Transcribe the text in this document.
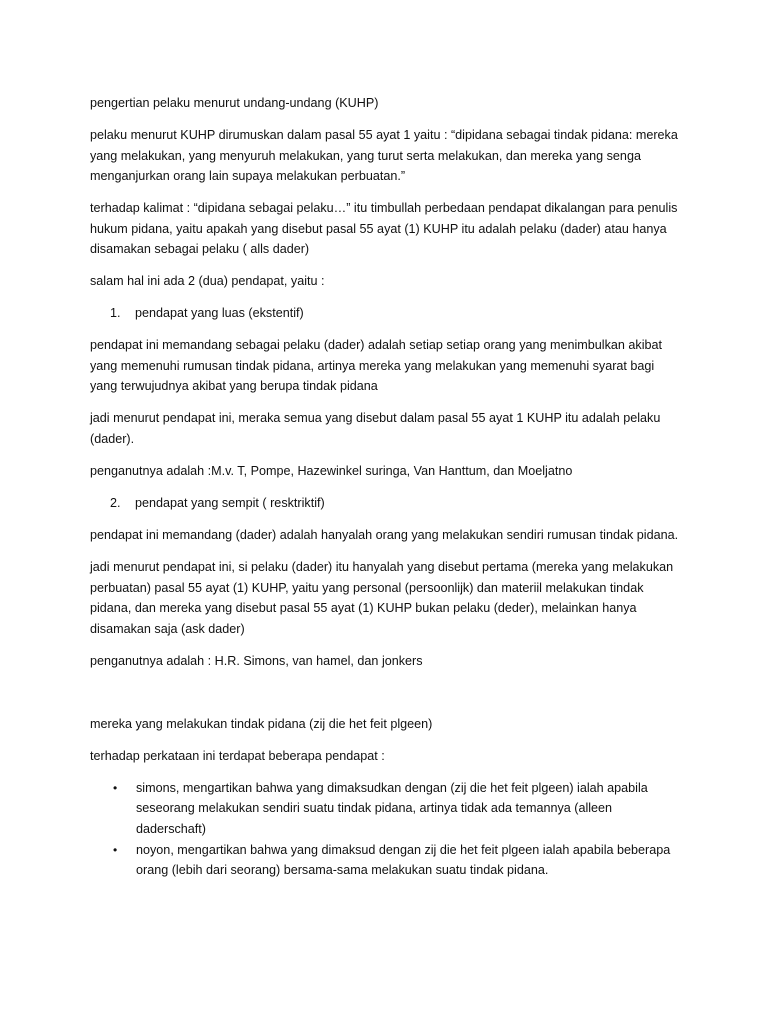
pengertian pelaku menurut undang-undang (KUHP)

pelaku menurut KUHP dirumuskan dalam pasal 55 ayat 1 yaitu : “dipidana sebagai tindak pidana: mereka yang melakukan, yang menyuruh melakukan, yang turut serta melakukan, dan mereka yang senga menganjurkan orang lain supaya melakukan perbuatan.”

terhadap kalimat : “dipidana sebagai pelaku…” itu timbullah perbedaan pendapat dikalangan para penulis hukum pidana, yaitu apakah yang disebut pasal 55 ayat (1) KUHP itu adalah pelaku (dader) atau hanya disamakan sebagai pelaku ( alls dader)

salam hal ini ada 2 (dua) pendapat, yaitu :

1.	pendapat yang luas (ekstentif)

pendapat ini memandang sebagai pelaku (dader) adalah setiap setiap orang yang menimbulkan akibat yang memenuhi rumusan tindak pidana, artinya mereka yang melakukan yang memenuhi syarat bagi yang terwujudnya akibat yang berupa tindak pidana

jadi menurut pendapat ini, meraka semua yang disebut dalam pasal 55 ayat 1 KUHP itu adalah pelaku (dader).

penganutnya adalah :M.v. T, Pompe, Hazewinkel suringa, Van Hanttum, dan Moeljatno

2.	pendapat yang sempit ( resktriktif)

pendapat ini memandang (dader) adalah hanyalah orang yang melakukan sendiri rumusan tindak pidana.

jadi menurut pendapat ini, si pelaku (dader) itu hanyalah yang disebut pertama (mereka yang melakukan perbuatan) pasal 55 ayat (1) KUHP, yaitu yang personal (persoonlijk) dan materiil melakukan tindak pidana, dan mereka yang disebut pasal 55 ayat (1) KUHP bukan pelaku (deder), melainkan hanya disamakan saja (ask dader)

penganutnya adalah : H.R. Simons, van hamel, dan jonkers

mereka yang melakukan tindak pidana (zij die het feit plgeen)

terhadap perkataan ini terdapat beberapa pendapat :

•	simons, mengartikan bahwa yang dimaksudkan dengan (zij die het feit plgeen) ialah apabila seseorang melakukan sendiri suatu tindak pidana, artinya tidak ada temannya (alleen daderschaft)
•	noyon, mengartikan bahwa yang dimaksud dengan zij die het feit plgeen ialah apabila beberapa orang (lebih dari seorang) bersama-sama melakukan suatu tindak pidana.
